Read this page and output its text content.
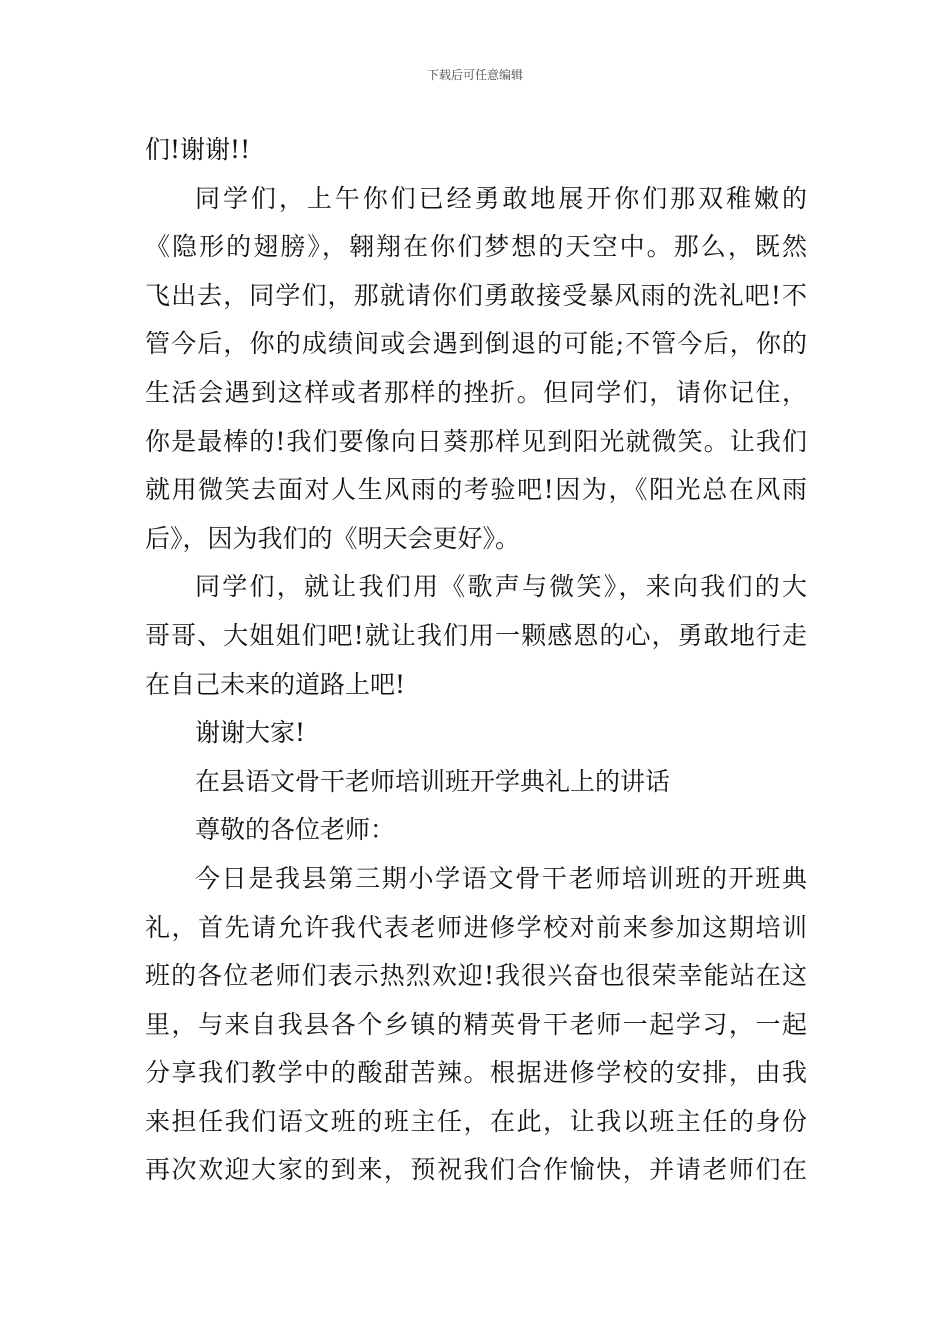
下载后可任意编辑
们!谢谢!!
同学们，上午你们已经勇敢地展开你们那双稚嫩的
《隐形的翅膀》，翱翔在你们梦想的天空中。那么，既然
飞出去，同学们，那就请你们勇敢接受暴风雨的洗礼吧!不
管今后，你的成绩间或会遇到倒退的可能;不管今后，你的
生活会遇到这样或者那样的挫折。但同学们，请你记住，
你是最棒的!我们要像向日葵那样见到阳光就微笑。让我们
就用微笑去面对人生风雨的考验吧!因为，《阳光总在风雨
后》，因为我们的《明天会更好》。
同学们，就让我们用《歌声与微笑》，来向我们的大
哥哥、大姐姐们吧!就让我们用一颗感恩的心，勇敢地行走
在自己未来的道路上吧!
谢谢大家!
在县语文骨干老师培训班开学典礼上的讲话
尊敬的各位老师：
今日是我县第三期小学语文骨干老师培训班的开班典
礼，首先请允许我代表老师进修学校对前来参加这期培训
班的各位老师们表示热烈欢迎!我很兴奋也很荣幸能站在这
里，与来自我县各个乡镇的精英骨干老师一起学习，一起
分享我们教学中的酸甜苦辣。根据进修学校的安排，由我
来担任我们语文班的班主任，在此，让我以班主任的身份
再次欢迎大家的到来，预祝我们合作愉快，并请老师们在
